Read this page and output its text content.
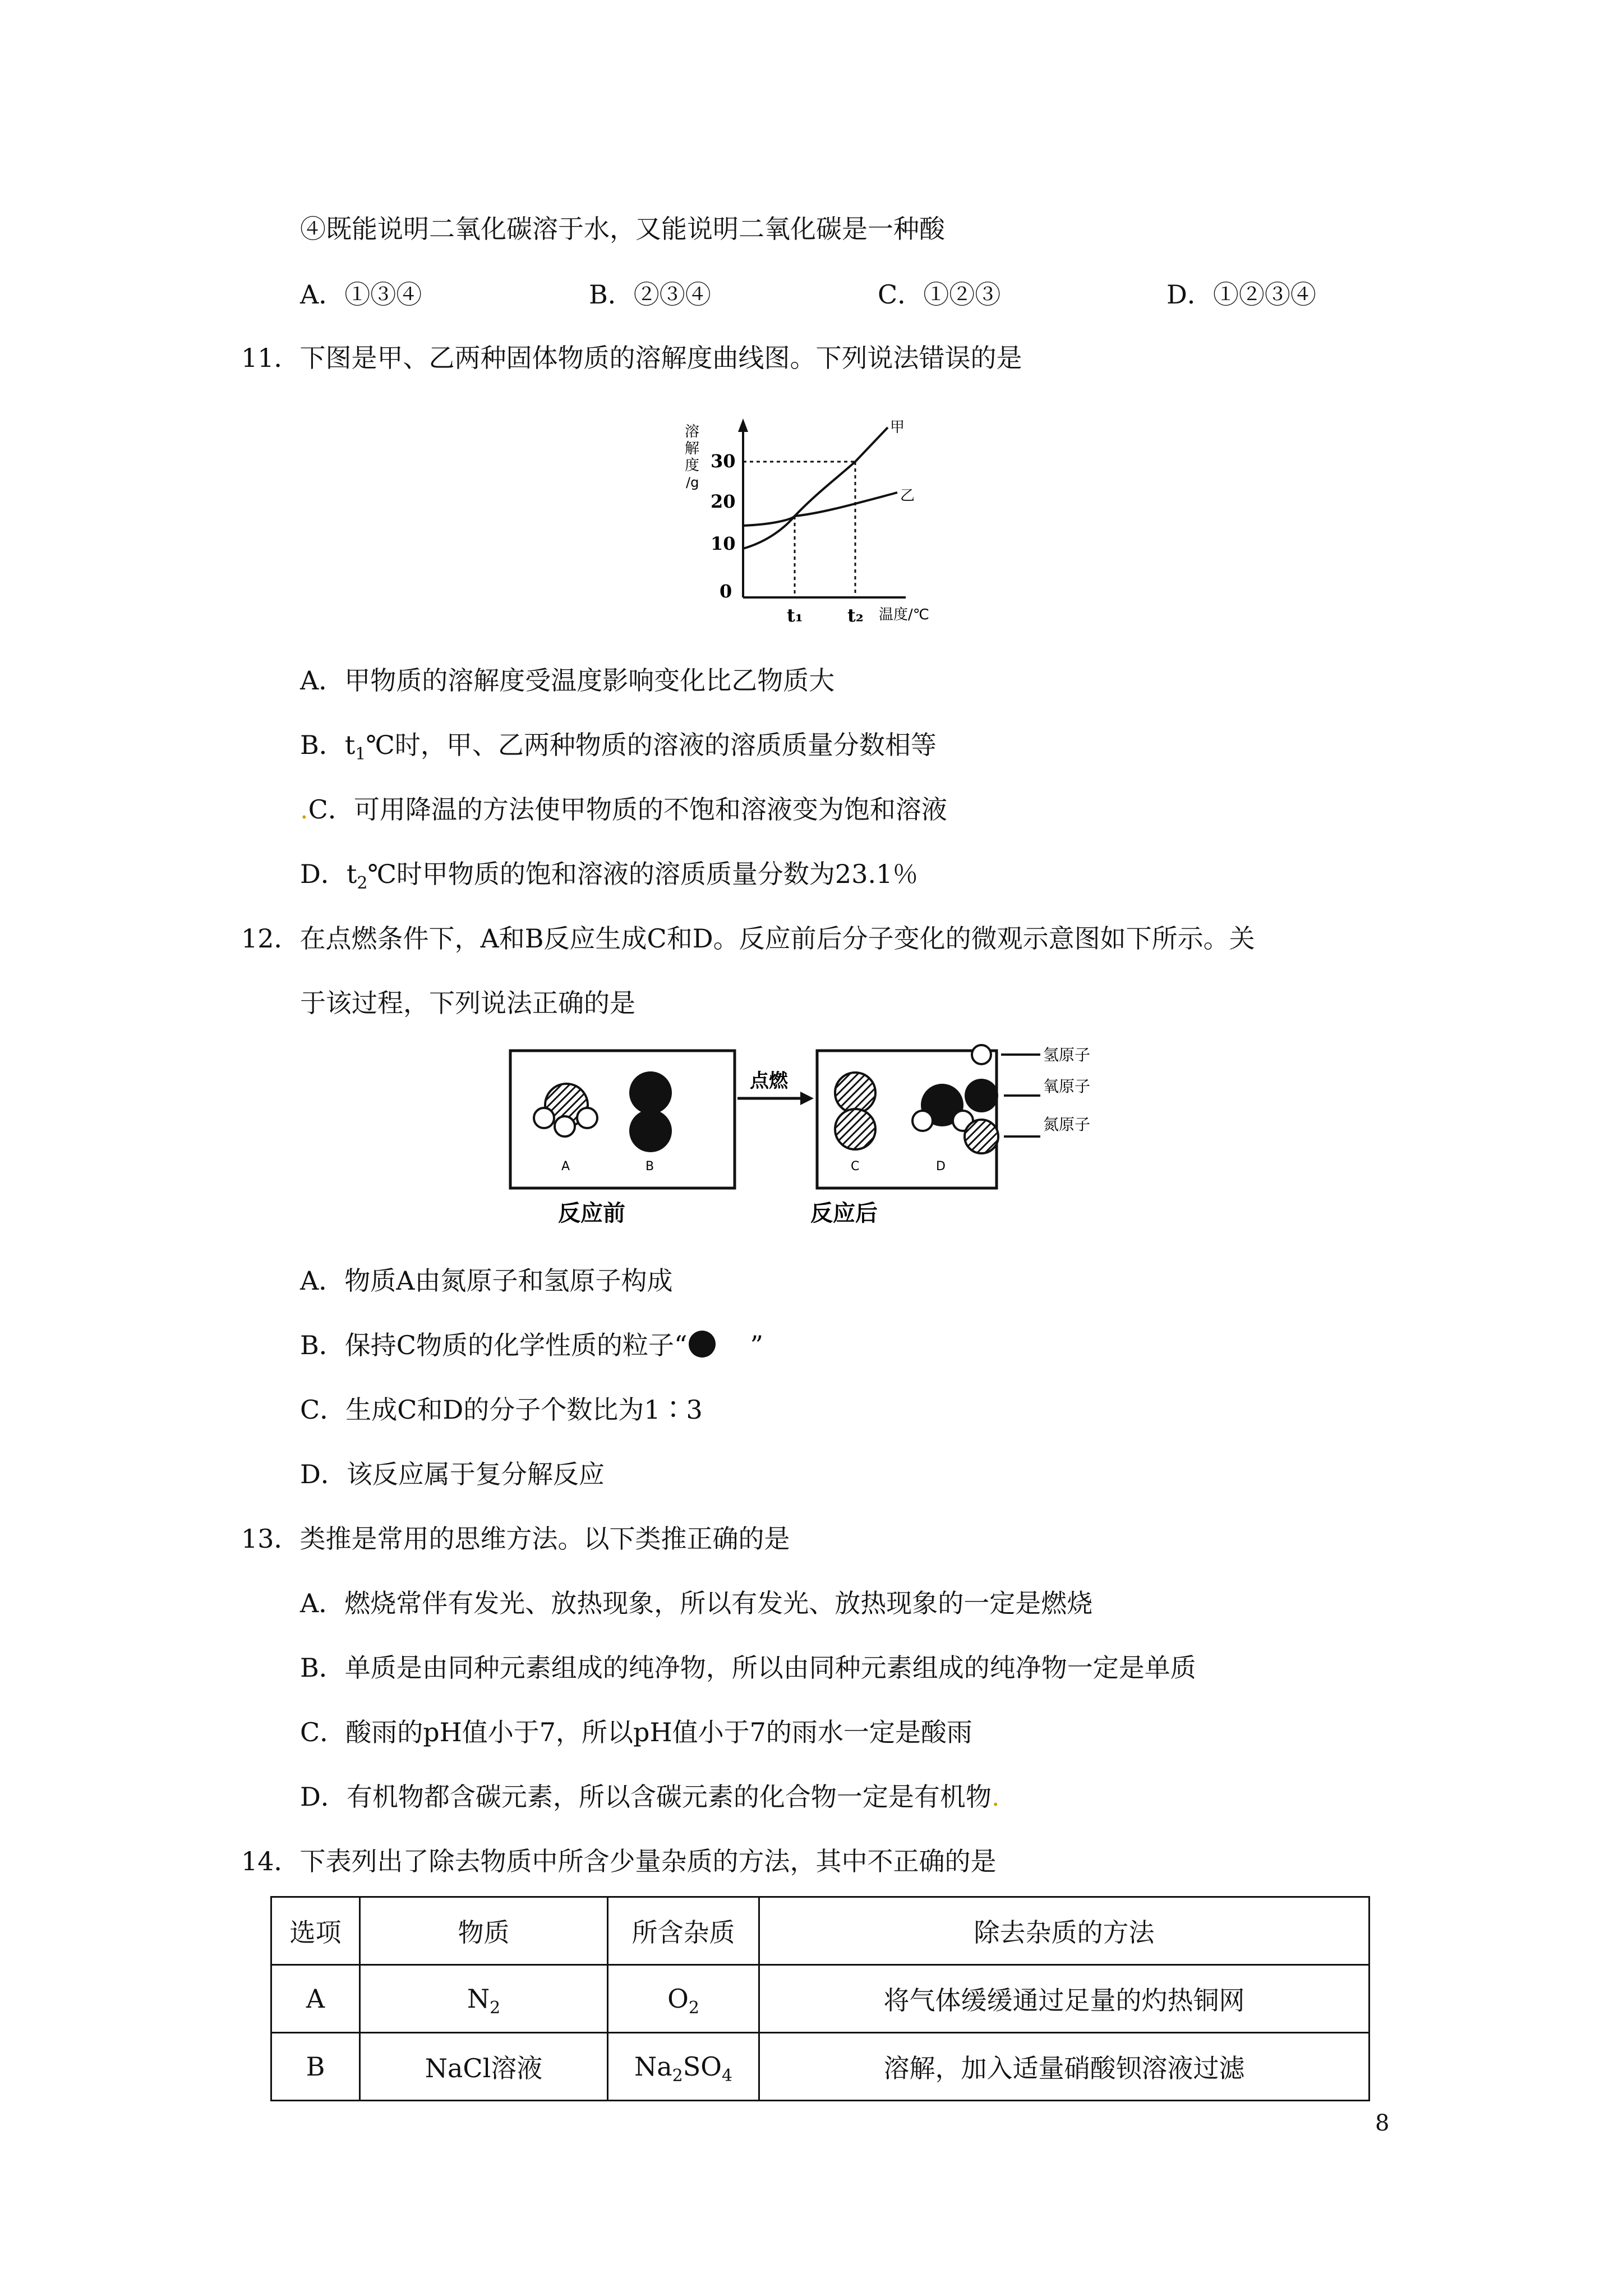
④既能说明二氧化碳溶于水，又能说明二氧化碳是一种酸
A．①③④	B．②③④	C．①②③	D．①②③④
11．下图是甲、乙两种固体物质的溶解度曲线图。下列说法错误的是
溶
解
度
/g
30
20
10
0
t₁ t₂ 温度/℃
甲
乙
A．甲物质的溶解度受温度影响变化比乙物质大
B．$t_1℃$时，甲、乙两种物质的溶液的溶质质量分数相等
.C．可用降温的方法使甲物质的不饱和溶液变为饱和溶液
D．$t_2℃$时甲物质的饱和溶液的溶质质量分数为23.1％
12．在点燃条件下，A和B反应生成C和D。反应前后分子变化的微观示意图如下所示。关
于该过程，下列说法正确的是
A	B
点燃
C	D
反应前	反应后
氢原子
氧原子
氮原子
A．物质A由氮原子和氢原子构成
B．保持C物质的化学性质的粒子“ ”
C．生成C和D的分子个数比为1∶3
D．该反应属于复分解反应
13．类推是常用的思维方法。以下类推正确的是
A．燃烧常伴有发光、放热现象，所以有发光、放热现象的一定是燃烧
B．单质是由同种元素组成的纯净物，所以由同种元素组成的纯净物一定是单质
C．酸雨的pH值小于7，所以pH值小于7的雨水一定是酸雨
D．有机物都含碳元素，所以含碳元素的化合物一定是有机物.
14．下表列出了除去物质中所含少量杂质的方法，其中不正确的是
选项	物质	所含杂质	除去杂质的方法
A	$N_2$	$O_2$	将气体缓缓通过足量的灼热铜网
B	NaCl溶液	$Na_2SO_4$	溶解，加入适量硝酸钡溶液过滤
8
